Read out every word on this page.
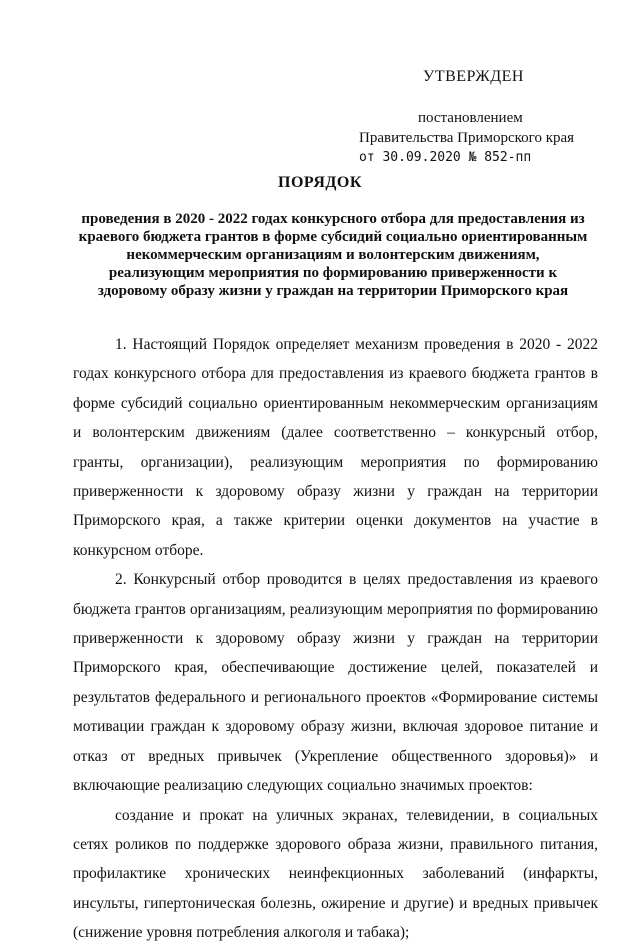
УТВЕРЖДЕН
постановлением
Правительства Приморского края
от 30.09.2020 № 852-пп
ПОРЯДОК
проведения в 2020 - 2022 годах конкурсного отбора для предоставления из краевого бюджета грантов в форме субсидий социально ориентированным некоммерческим организациям и волонтерским движениям, реализующим мероприятия по формированию приверженности к здоровому образу жизни у граждан на территории Приморского края

1. Настоящий Порядок определяет механизм проведения в 2020 - 2022 годах конкурсного отбора для предоставления из краевого бюджета грантов в форме субсидий социально ориентированным некоммерческим организациям и волонтерским движениям (далее соответственно – конкурсный отбор, гранты, организации), реализующим мероприятия по формированию приверженности к здоровому образу жизни у граждан на территории Приморского края, а также критерии оценки документов на участие в конкурсном отборе.

2. Конкурсный отбор проводится в целях предоставления из краевого бюджета грантов организациям, реализующим мероприятия по формированию приверженности к здоровому образу жизни у граждан на территории Приморского края, обеспечивающие достижение целей, показателей и результатов федерального и регионального проектов «Формирование системы мотивации граждан к здоровому образу жизни, включая здоровое питание и отказ от вредных привычек (Укрепление общественного здоровья)» и включающие реализацию следующих социально значимых проектов:

создание и прокат на уличных экранах, телевидении, в социальных сетях роликов по поддержке здорового образа жизни, правильного питания, профилактике хронических неинфекционных заболеваний (инфаркты, инсульты, гипертоническая болезнь, ожирение и другие) и вредных привычек (снижение уровня потребления алкоголя и табака);
